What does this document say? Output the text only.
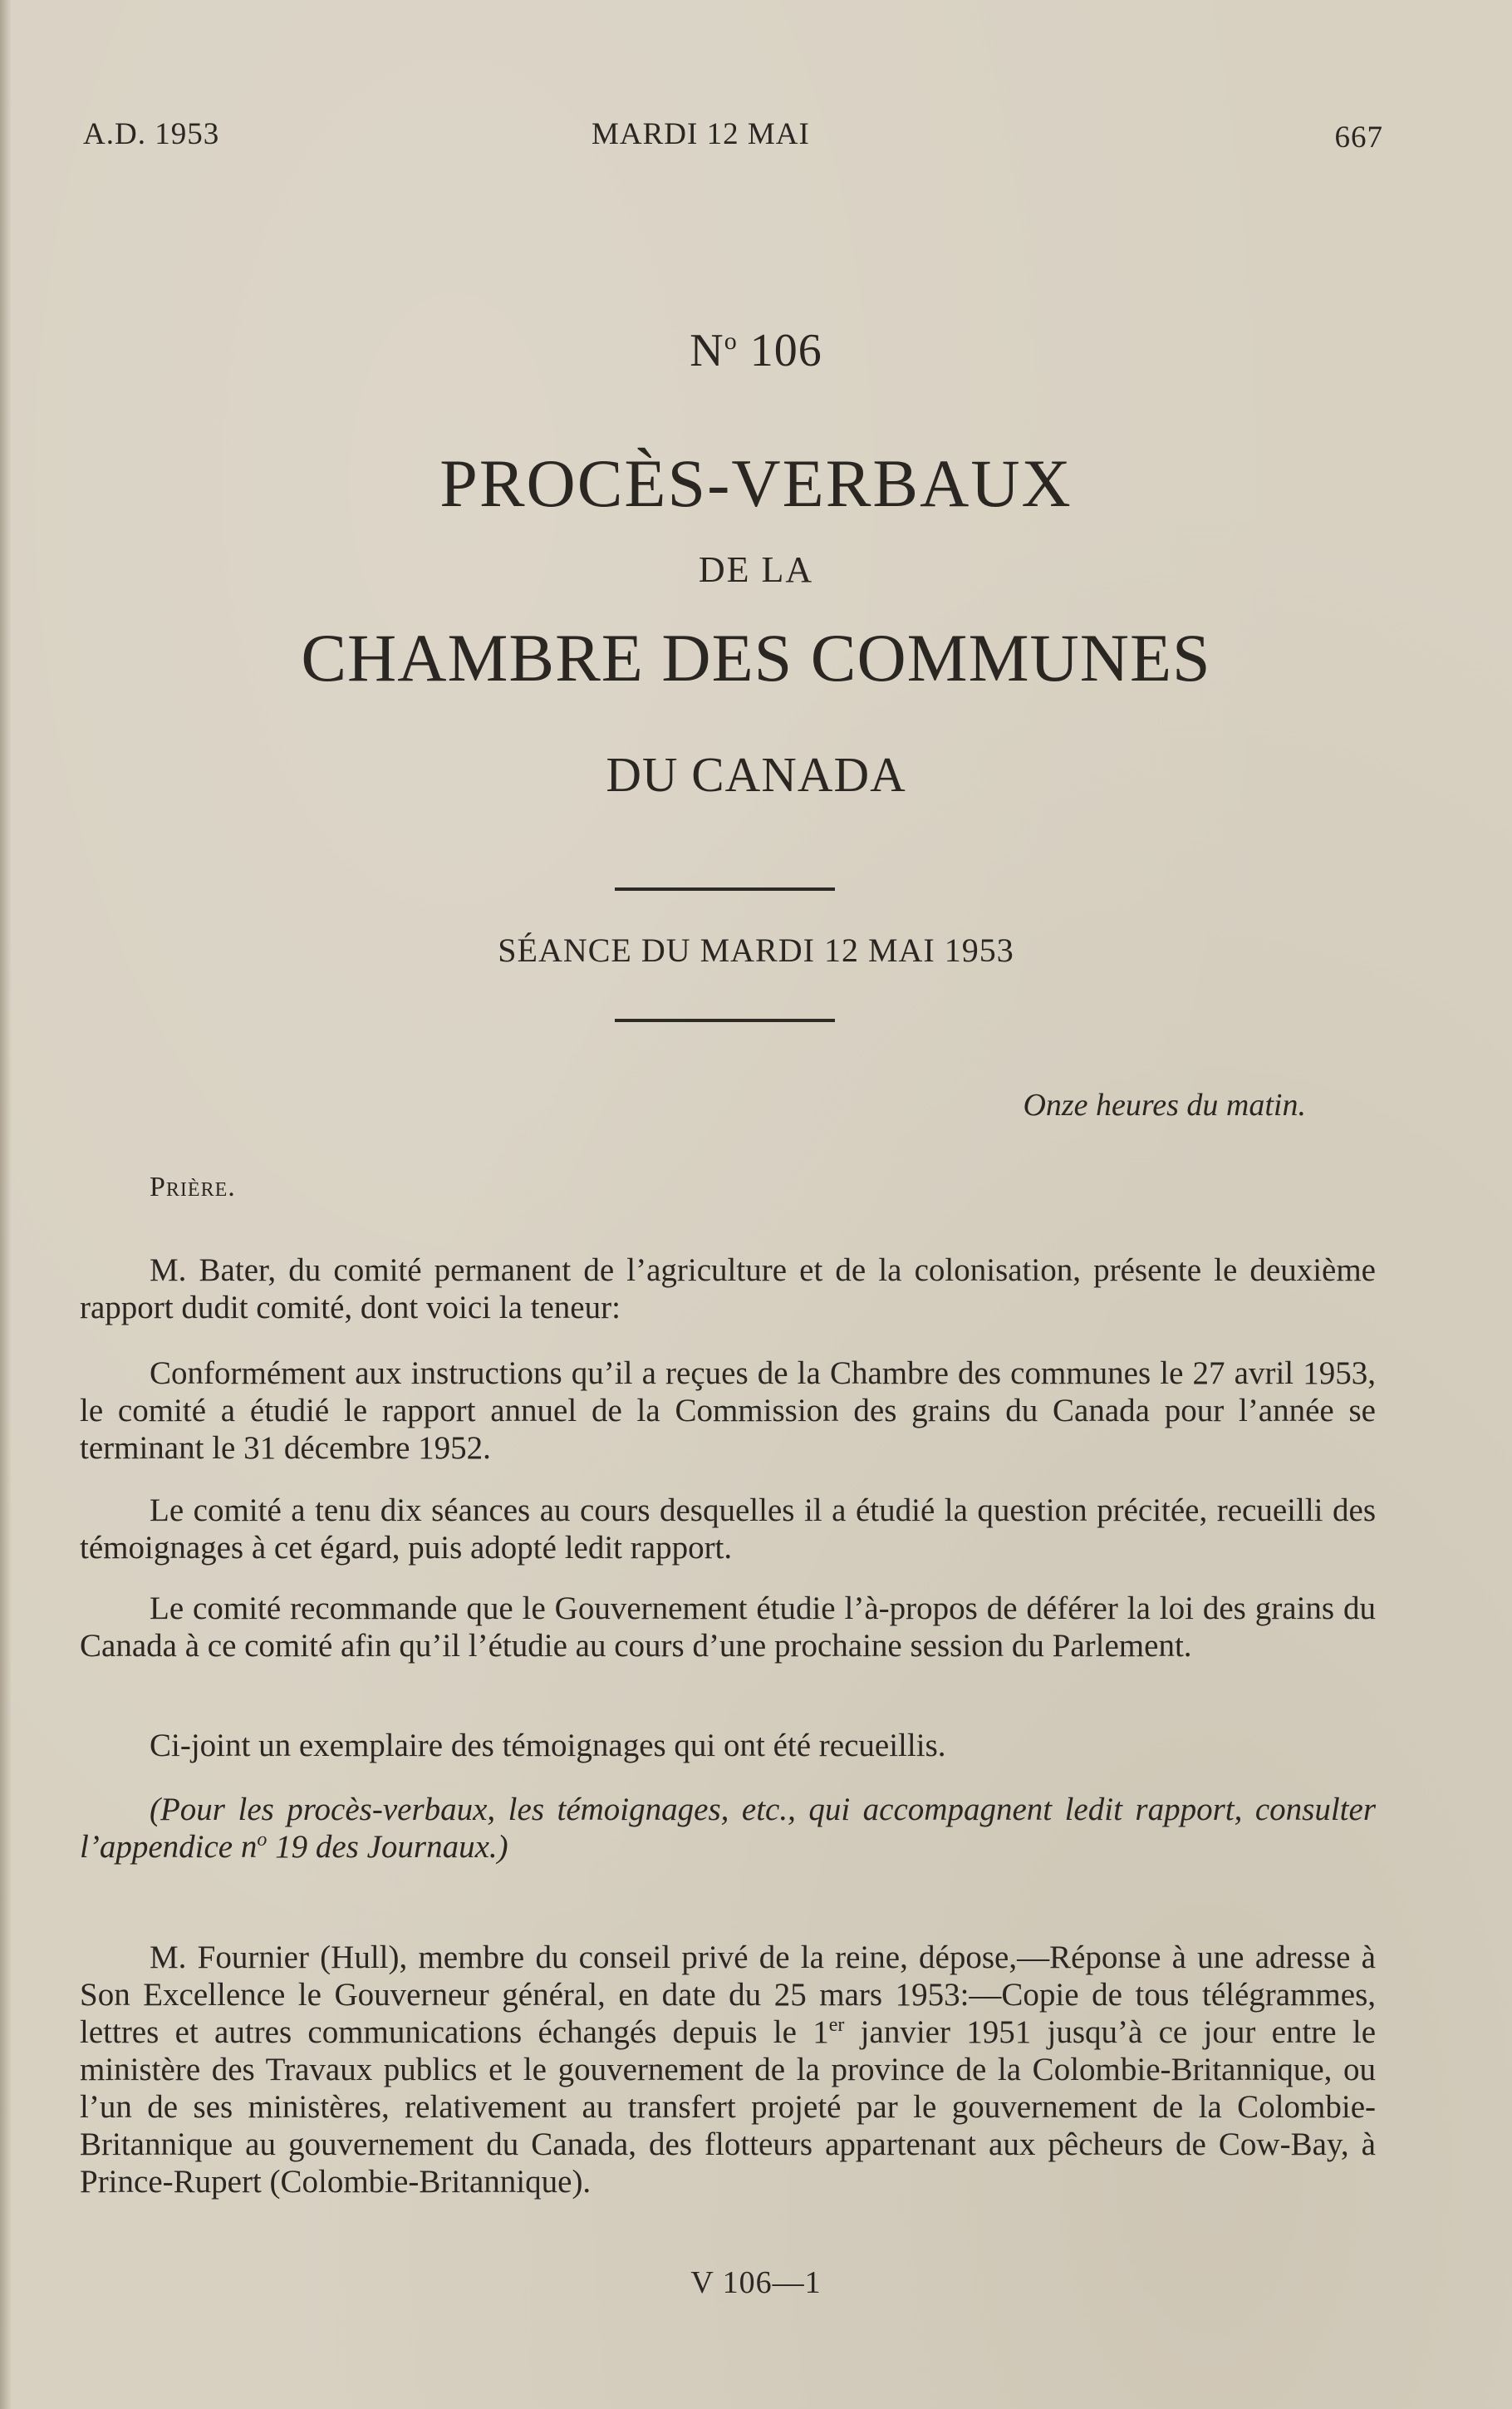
A.D. 1953	MARDI 12 MAI	667
$N^o$ 106
PROCÈS-VERBAUX
DE LA
CHAMBRE DES COMMUNES
DU CANADA
SÉANCE DU MARDI 12 MAI 1953
Onze heures du matin.
Prière.

M. Bater, du comité permanent de l’agriculture et de la colonisation, présente le deuxième rapport dudit comité, dont voici la teneur:

Conformément aux instructions qu’il a reçues de la Chambre des communes le 27 avril 1953, le comité a étudié le rapport annuel de la Commission des grains du Canada pour l’année se terminant le 31 décembre 1952.

Le comité a tenu dix séances au cours desquelles il a étudié la question précitée, recueilli des témoignages à cet égard, puis adopté ledit rapport.

Le comité recommande que le Gouvernement étudie l’à-propos de déférer la loi des grains du Canada à ce comité afin qu’il l’étudie au cours d’une prochaine session du Parlement.

Ci-joint un exemplaire des témoignages qui ont été recueillis.

(Pour les procès-verbaux, les témoignages, etc., qui accompagnent ledit rapport, consulter l’appendice $n^o$ 19 des Journaux.)

M. Fournier (Hull), membre du conseil privé de la reine, dépose,—Réponse à une adresse à Son Excellence le Gouverneur général, en date du 25 mars 1953:—Copie de tous télégrammes, lettres et autres communications échangés depuis le 1er janvier 1951 jusqu’à ce jour entre le ministère des Travaux publics et le gouvernement de la province de la Colombie-Britannique, ou l’un de ses ministères, relativement au transfert projeté par le gouvernement de la Colombie-Britannique au gouvernement du Canada, des flotteurs appartenant aux pêcheurs de Cow-Bay, à Prince-Rupert (Colombie-Britannique).

V 106—1
